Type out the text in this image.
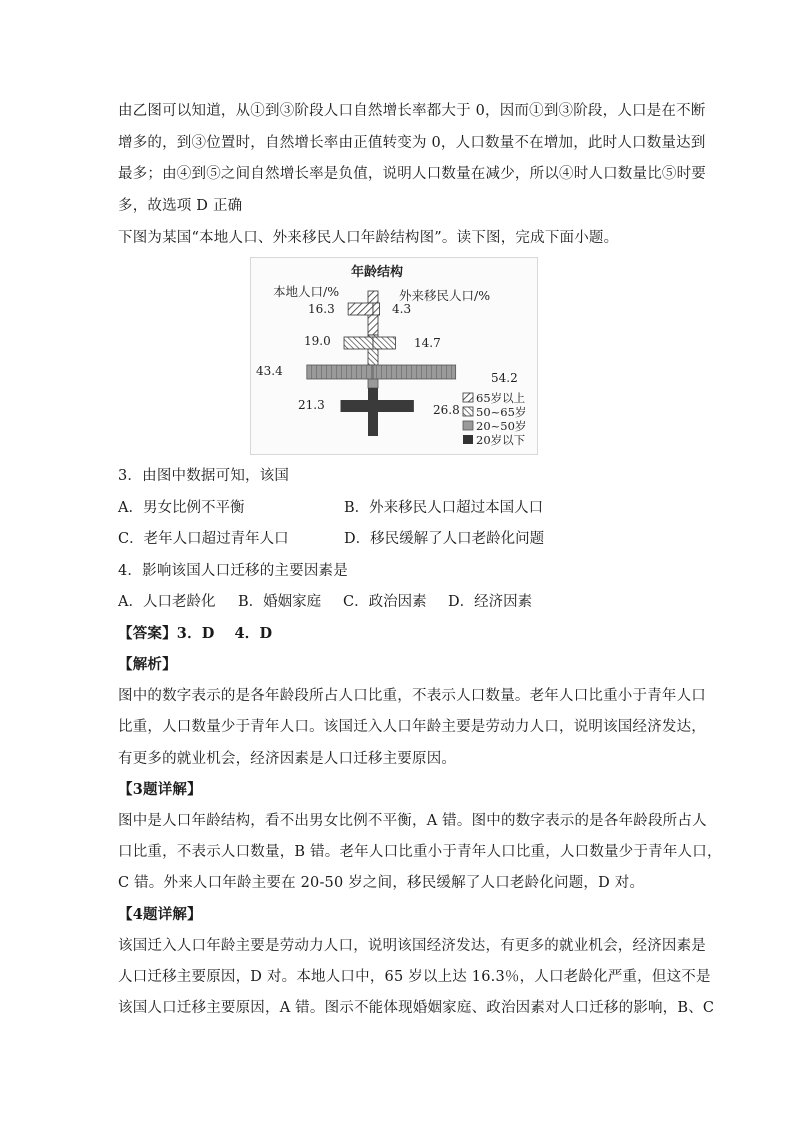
由乙图可以知道，从①到③阶段人口自然增长率都大于 0，因而①到③阶段，人口是在不断
增多的，到③位置时，自然增长率由正值转变为 0，人口数量不在增加，此时人口数量达到
最多；由④到⑤之间自然增长率是负值，说明人口数量在减少，所以④时人口数量比⑤时要
多，故选项 D 正确
下图为某国“本地人口、外来移民人口年龄结构图”。读下图，完成下面小题。
年龄结构
本地人口/%	外来移民人口/%
16.3	4.3
19.0	14.7
43.4	54.2
21.3	26.8
65岁以上
50~65岁
20~50岁
20岁以下
3．由图中数据可知，该国
A．男女比例不平衡	B．外来移民人口超过本国人口
C．老年人口超过青年人口	D．移民缓解了人口老龄化问题
4．影响该国人口迁移的主要因素是
A．人口老龄化 B．婚姻家庭 C．政治因素 D．经济因素
【答案】3．D　 4．D
【解析】
图中的数字表示的是各年龄段所占人口比重，不表示人口数量。老年人口比重小于青年人口
比重，人口数量少于青年人口。该国迁入人口年龄主要是劳动力人口，说明该国经济发达，
有更多的就业机会，经济因素是人口迁移主要原因。
【3题详解】
图中是人口年龄结构，看不出男女比例不平衡，A 错。图中的数字表示的是各年龄段所占人
口比重，不表示人口数量，B 错。老年人口比重小于青年人口比重，人口数量少于青年人口，
C 错。外来人口年龄主要在 20-50 岁之间，移民缓解了人口老龄化问题，D 对。
【4题详解】
该国迁入人口年龄主要是劳动力人口，说明该国经济发达，有更多的就业机会，经济因素是
人口迁移主要原因，D 对。本地人口中，65 岁以上达 16.3％，人口老龄化严重，但这不是
该国人口迁移主要原因，A 错。图示不能体现婚姻家庭、政治因素对人口迁移的影响，B、C
